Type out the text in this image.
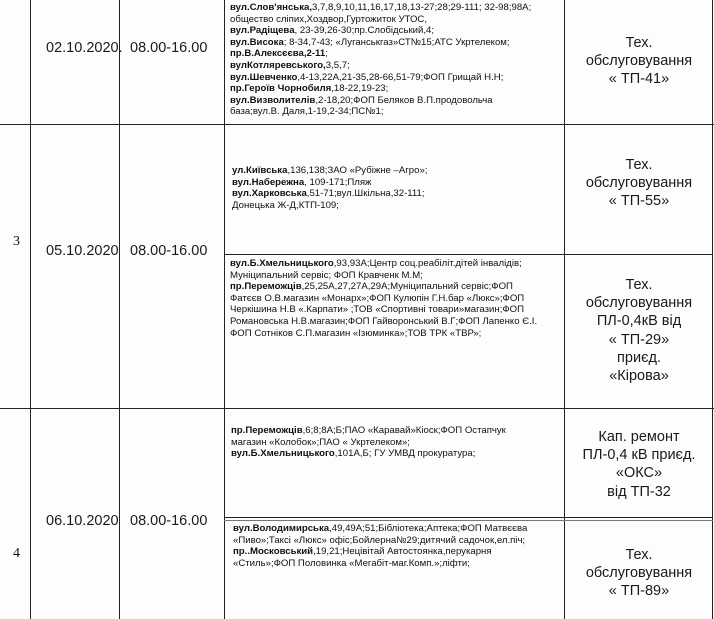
02.10.2020. 08.00-16.00
вул.Слов'янська,3,7,8,9,10,11,16,17,18,13-27;28;29-111; 32-98;98А;
общество сліпих,Хоздвор,Гуртожиток УТОС,
вул.Радіщева, 23-39,26-30;пр.Слобідський,4;
вул.Висока; 8-34,7-43; «Луганськгаз»СТ№15;АТС Укртелеком;
пр.В.Алексєєва,2-11;
вулКотляревського,3,5,7;
вул.Шевченко,4-13,22А,21-35,28-66,51-79;ФОП Грищай Н.Н;
пр.Героїв Чорнобиля,18-22,19-23;
вул.Визволителів,2-18,20;ФОП Беляков В.П.продовольча
база;вул.В. Даля,1-19,2-34;ПС№1;
Тех.
обслуговування
« ТП-41»
3
05.10.2020 08.00-16.00
ул.Київська,136,138;ЗАО «Рубіжне –Агро»;
вул.Набережна, 109-171;Пляж
вул.Харковська,51-71;вул.Шкільна,32-111;
Донецька Ж-Д,КТП-109;
Тех.
обслуговування
« ТП-55»
вул.Б.Хмельницького,93,93А;Центр соц.реабіліт.дітей інвалідів;
Муніципальний сервіс; ФОП Кравченк М.М;
пр.Переможців,25,25А,27,27А,29А;Муніципальний сервіс;ФОП
Фатєєв О.В.магазин «Монарх»;ФОП Кулюпін Г.Н.бар «Люкс»;ФОП
Черкішина Н.В «.Карпати» ;ТОВ «Спортивні товари»магазин;ФОП
Романовська Н.В.магазин;ФОП Гайворонський В.Г;ФОП Лапенко Є.І.
ФОП Сотніков С.П.магазин «Ізюминка»;ТОВ ТРК «ТВР»;
Тех.
обслуговування
ПЛ-0,4кВ від
« ТП-29»
приєд.
«Кірова»
4
06.10.2020 08.00-16.00
пр.Переможців,6;8;8А;Б;ПАО «Каравай»Кіоск;ФОП Остапчук
магазин «Колобок»;ПАО « Укртелеком»;
вул.Б.Хмельницького,101А,Б; ГУ УМВД прокуратура;
Кап. ремонт
ПЛ-0,4 кВ приєд.
«ОКС»
від ТП-32
вул.Володимирська,49,49А;51;Бібліотека;Аптека;ФОП Матвєєва
«Пиво»;Таксі «Люкс» офіс;Бойлерна№29;дитячий садочок,ел.піч;
пр..Московський,19,21;Нецівітай Автостоянка,перукарня
«Стиль»;ФОП Половинка «Мегабіт-маг.Комп.»;ліфти;
Тех.
обслуговування
« ТП-89»
